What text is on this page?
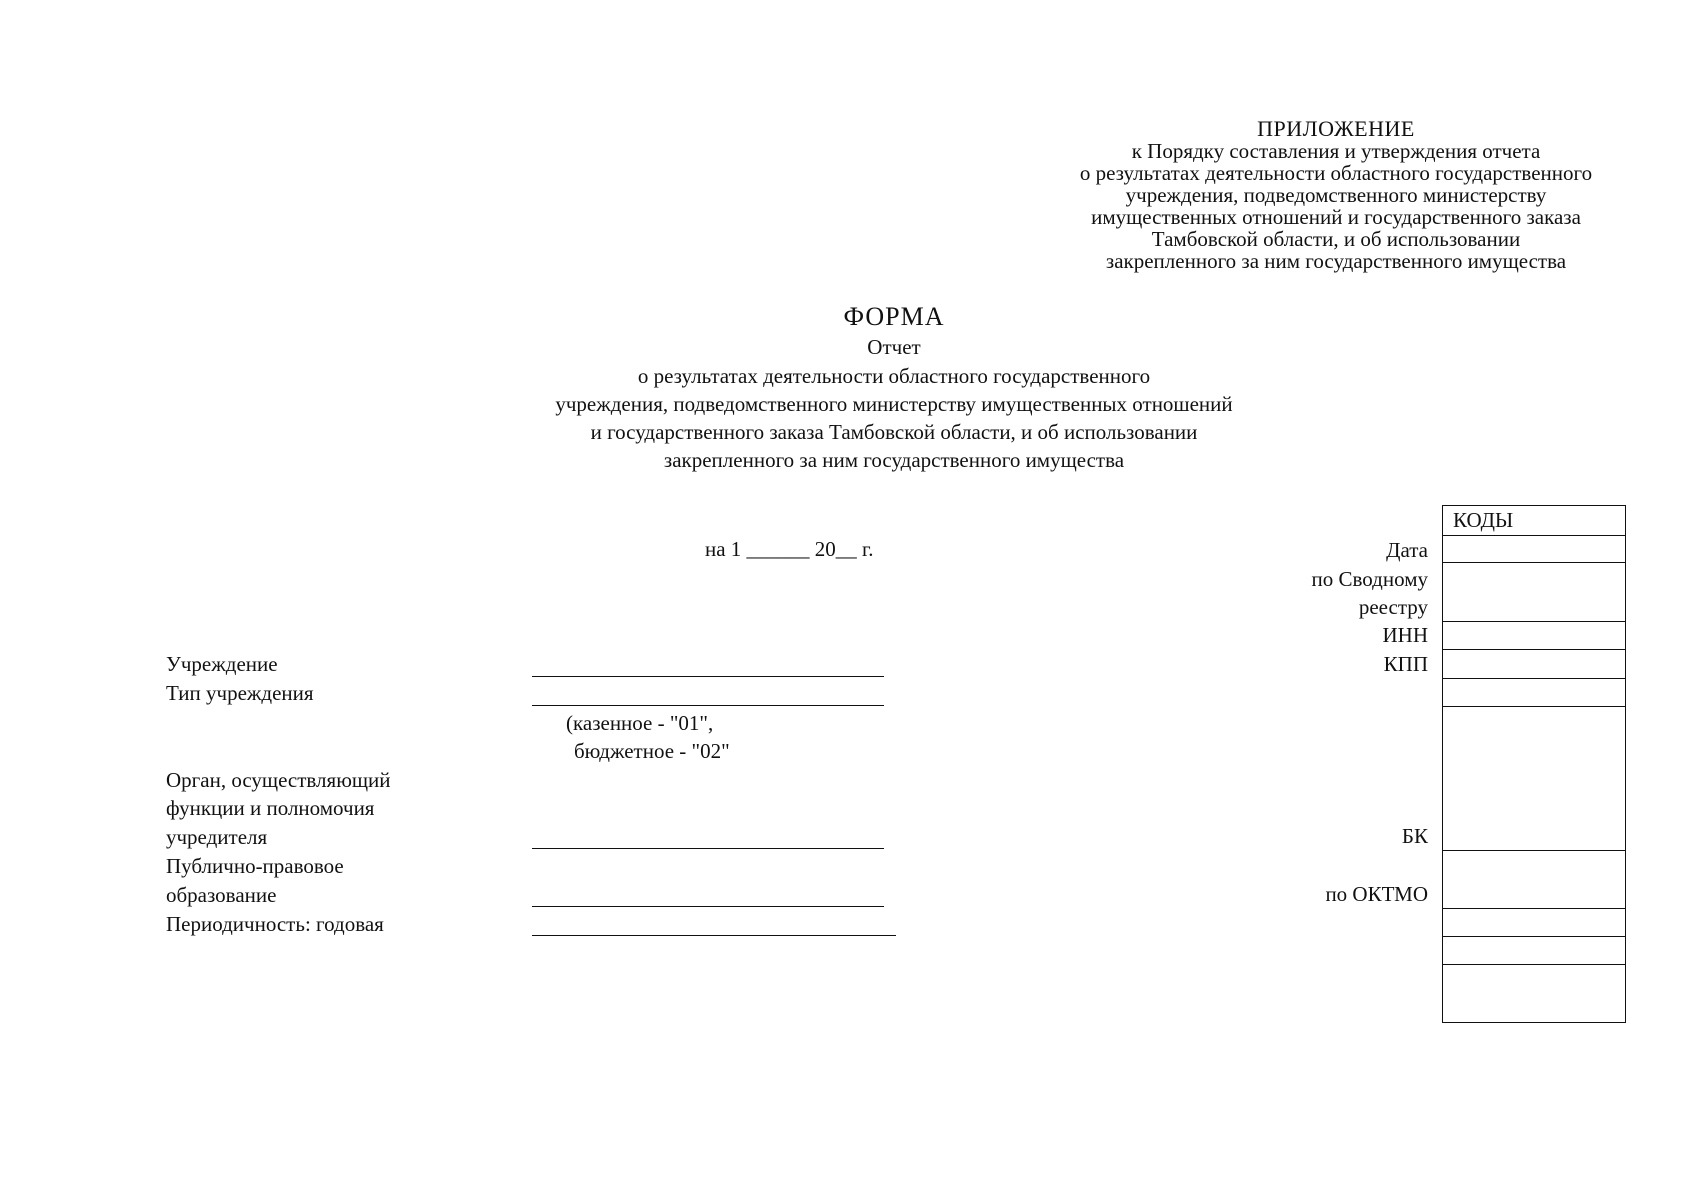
ПРИЛОЖЕНИЕ
к Порядку составления и утверждения отчета
о результатах деятельности областного государственного
учреждения, подведомственного министерству
имущественных отношений и государственного заказа
Тамбовской области, и об использовании
закрепленного за ним государственного имущества
ФОРМА
Отчет
о результатах деятельности областного государственного
учреждения, подведомственного министерству имущественных отношений
и государственного заказа Тамбовской области, и об использовании
закрепленного за ним государственного имущества
на 1 ______ 20__ г.
Учреждение
Тип учреждения
(казенное - "01",
бюджетное - "02"
Орган, осуществляющий
функции и полномочия
учредителя
Публично-правовое
образование
Периодичность: годовая
Дата
по Сводному
реестру
ИНН
КПП
БК
по ОКТМО
КОДЫ
